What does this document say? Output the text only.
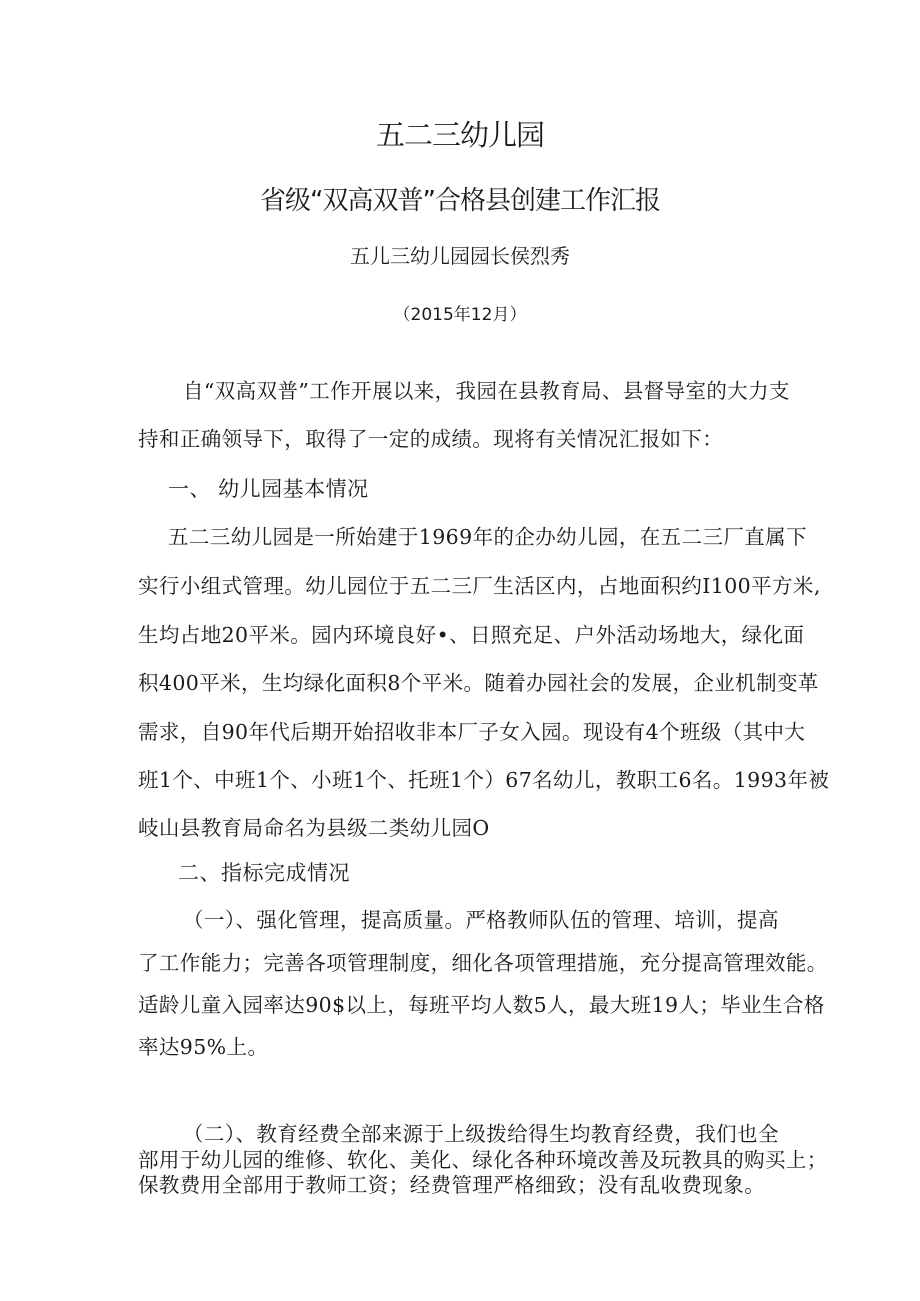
五二三幼儿园
省级“双高双普”合格县创建工作汇报
五儿三幼儿园园长侯烈秀
（2015年12月）
自“双高双普”工作开展以来，我园在县教育局、县督导室的大力支
持和正确领导下，取得了一定的成绩。现将有关情况汇报如下：
一、 幼儿园基本情况
五二三幼儿园是一所始建于1969年的企办幼儿园，在五二三厂直属下
实行小组式管理。幼儿园位于五二三厂生活区内，占地面积约I100平方米,
生均占地20平米。园内环境良好•、日照充足、户外活动场地大，绿化面
积400平米，生均绿化面积8个平米。随着办园社会的发展，企业机制变革
需求，自90年代后期开始招收非本厂子女入园。现设有4个班级（其中大
班1个、中班1个、小班1个、托班1个）67名幼儿，教职工6名。1993年被
岐山县教育局命名为县级二类幼儿园O
二、指标完成情况
（一）、强化管理，提高质量。严格教师队伍的管理、培训，提高
了工作能力；完善各项管理制度，细化各项管理措施，充分提高管理效能。
适龄儿童入园率达90$以上，每班平均人数5人，最大班19人；毕业生合格
率达95%上。
（二）、教育经费全部来源于上级拨给得生均教育经费，我们也全
部用于幼儿园的维修、软化、美化、绿化各种环境改善及玩教具的购买上；
保教费用全部用于教师工资；经费管理严格细致；没有乱收费现象。
